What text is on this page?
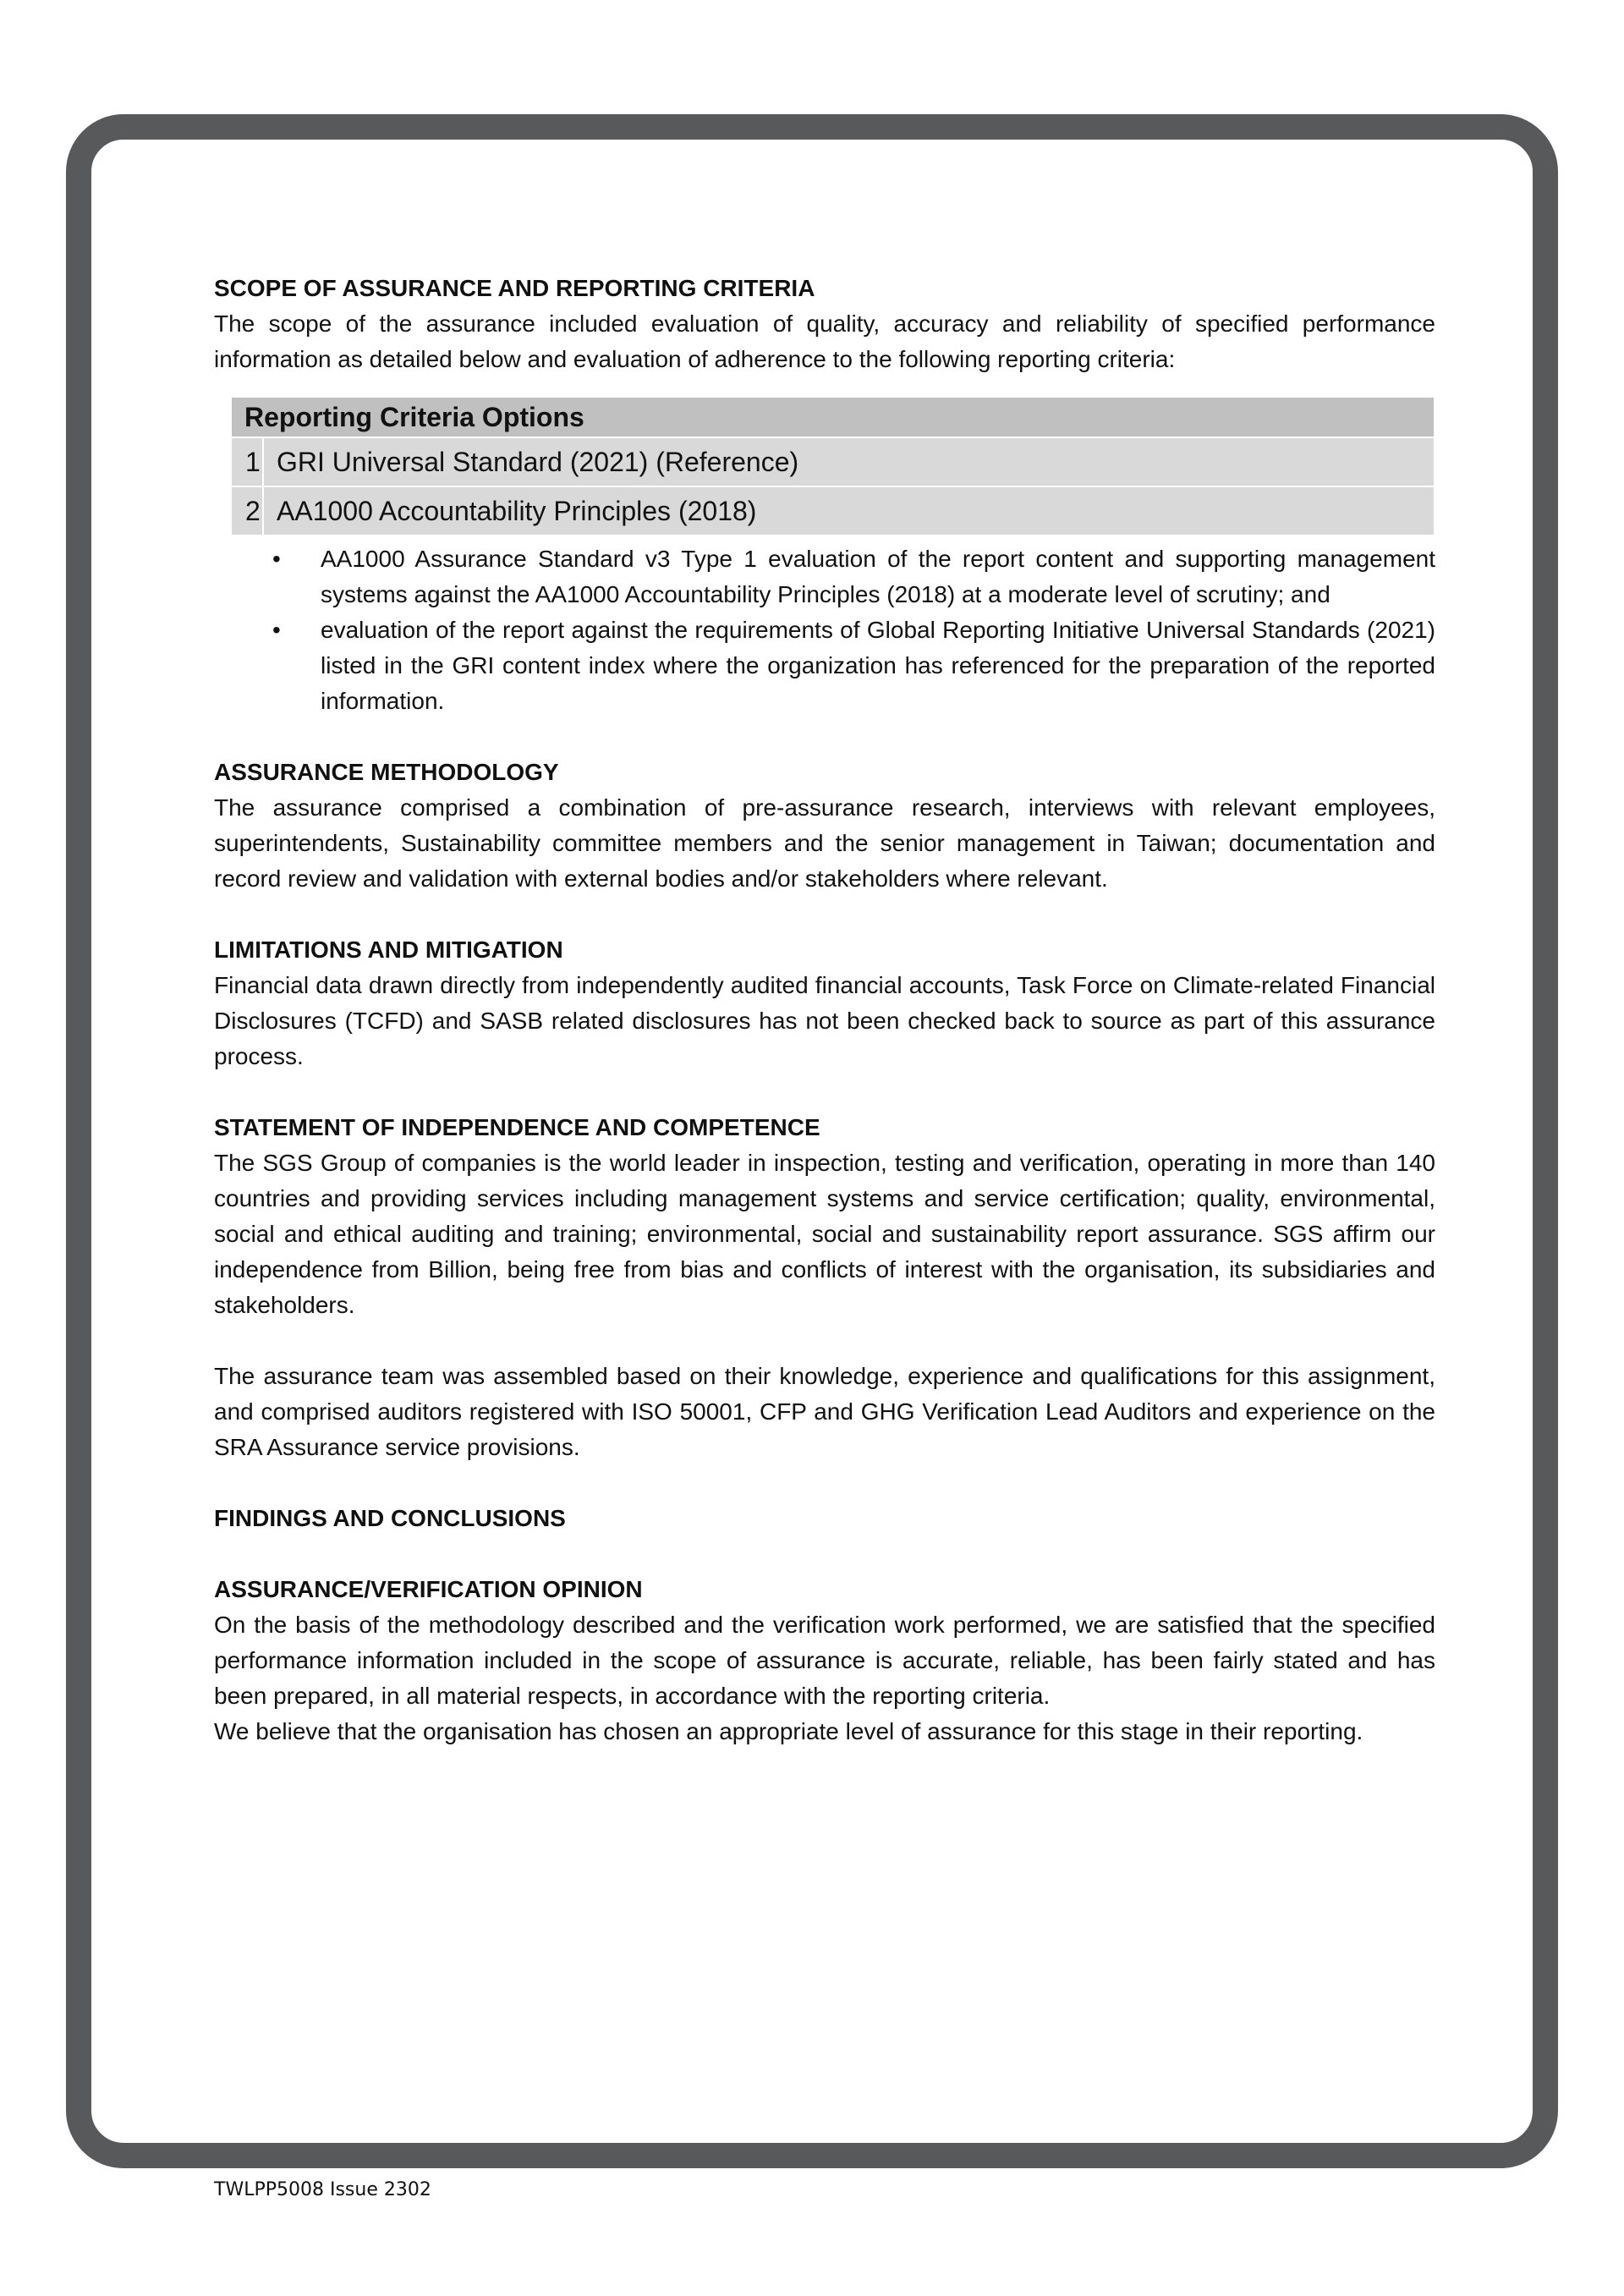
SCOPE OF ASSURANCE AND REPORTING CRITERIA

The scope of the assurance included evaluation of quality, accuracy and reliability of specified performance information as detailed below and evaluation of adherence to the following reporting criteria:

Reporting Criteria Options	
1	GRI Universal Standard (2021) (Reference)
2	AA1000 Accountability Principles (2018)
• AA1000 Assurance Standard v3 Type 1 evaluation of the report content and supporting management systems against the AA1000 Accountability Principles (2018) at a moderate level of scrutiny; and
• evaluation of the report against the requirements of Global Reporting Initiative Universal Standards (2021) listed in the GRI content index where the organization has referenced for the preparation of the reported information.

ASSURANCE METHODOLOGY

The assurance comprised a combination of pre-assurance research, interviews with relevant employees, superintendents, Sustainability committee members and the senior management in Taiwan; documentation and record review and validation with external bodies and/or stakeholders where relevant.

LIMITATIONS AND MITIGATION

Financial data drawn directly from independently audited financial accounts, Task Force on Climate-related Financial Disclosures (TCFD) and SASB related disclosures has not been checked back to source as part of this assurance process.

STATEMENT OF INDEPENDENCE AND COMPETENCE

The SGS Group of companies is the world leader in inspection, testing and verification, operating in more than 140 countries and providing services including management systems and service certification; quality, environmental, social and ethical auditing and training; environmental, social and sustainability report assurance. SGS affirm our independence from Billion, being free from bias and conflicts of interest with the organisation, its subsidiaries and stakeholders.

The assurance team was assembled based on their knowledge, experience and qualifications for this assignment, and comprised auditors registered with ISO 50001, CFP and GHG Verification Lead Auditors and experience on the SRA Assurance service provisions.

FINDINGS AND CONCLUSIONS

ASSURANCE/VERIFICATION OPINION

On the basis of the methodology described and the verification work performed, we are satisfied that the specified performance information included in the scope of assurance is accurate, reliable, has been fairly stated and has been prepared, in all material respects, in accordance with the reporting criteria.

We believe that the organisation has chosen an appropriate level of assurance for this stage in their reporting.

TWLPP5008 Issue 2302
